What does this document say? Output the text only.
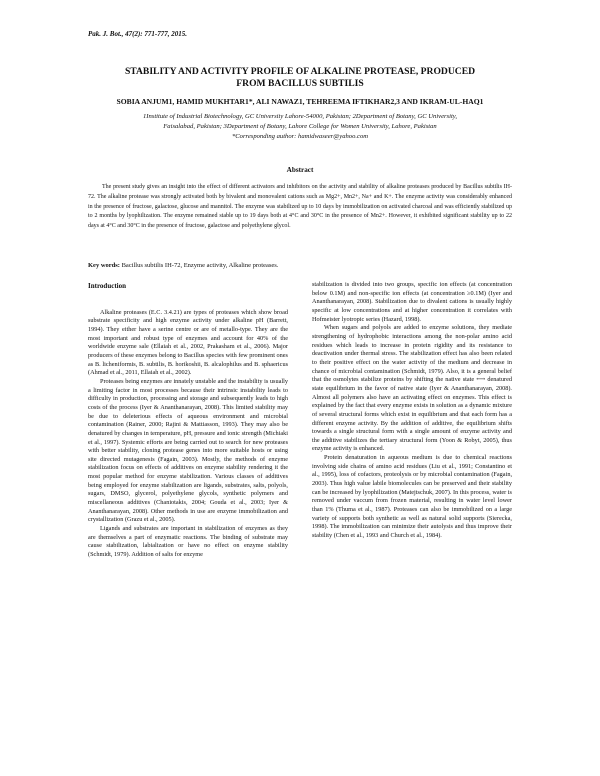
Pak. J. Bot., 47(2): 771-777, 2015.
STABILITY AND ACTIVITY PROFILE OF ALKALINE PROTEASE, PRODUCED
FROM BACILLUS SUBTILIS
SOBIA ANJUM1, HAMID MUKHTAR1*, ALI NAWAZ1, TEHREEMA IFTIKHAR2,3 AND IKRAM-UL-HAQ1
1Institute of Industrial Biotechnology, GC University Lahore-54000, Pakistan; 2Department of Botany, GC University,
Faisalabad, Pakistan; 3Department of Botany, Lahore College for Women University, Lahore, Pakistan
*Corresponding author: hamidwaseer@yahoo.com
Abstract

The present study gives an insight into the effect of different activators and inhibitors on the activity and stability of alkaline proteases produced by Bacillus subtilis IH-72. The alkaline protease was strongly activated both by bivalent and monovalent cations such as Mg2+, Mn2+, Na+ and K+. The enzyme activity was considerably enhanced in the presence of fructose, galactose, glucose and mannitol. The enzyme was stabilized up to 10 days by immobilization on activated charcoal and was efficiently stabilized up to 2 months by lyophilization. The enzyme remained stable up to 19 days both at 4°C and 30°C in the presence of Mn2+. However, it exhibited significant stability up to 22 days at 4°C and 30°C in the presence of fructose, galactose and polyethylene glycol.

Key words: Bacillus subtilis IH-72, Enzyme activity, Alkaline proteases.
Introduction

Alkaline proteases (E.C. 3.4.21) are types of proteases which show broad substrate specificity and high enzyme activity under alkaline pH (Barrett, 1994). They either have a serine centre or are of metallo-type. They are the most important and robust type of enzymes and account for 40% of the worldwide enzyme sale (Ellaiah et al., 2002, Prakasham et al., 2006). Major producers of these enzymes belong to Bacillus species with few prominent ones as B. licheniformis, B. subtilis, B. horikoshii, B. alcalophilus and B. sphaericus (Ahmad et al., 2011, Ellaiah et al., 2002).

Proteases being enzymes are innately unstable and the instability is usually a limiting factor in most processes because their intrinsic instability leads to difficulty in production, processing and storage and subsequently leads to high costs of the process (Iyer & Ananthanarayan, 2008). This limited stability may be due to deleterious effects of aqueous environment and microbial contamination (Rainer, 2000; Rajini & Mattiasson, 1993). They may also be denatured by changes in temperature, pH, pressure and ionic strength (Michiaki et al., 1997). Systemic efforts are being carried out to search for new proteases with better stability, cloning protease genes into more suitable hosts or using site directed mutagenesis (Fagain, 2003). Mostly, the methods of enzyme stabilization focus on effects of additives on enzyme stability rendering it the most popular method for enzyme stabilization. Various classes of additives being employed for enzyme stabilization are ligands, substrates, salts, polyols, sugars, DMSO, glycerol, polyethylene glycols, synthetic polymers and miscellaneous additives (Chaniotakis, 2004; Gouda et al., 2003; Iyer & Ananthanarayan, 2008). Other methods in use are enzyme immobilization and crystallization (Grazu et al., 2005).

Ligands and substrates are important in stabilization of enzymes as they are themselves a part of enzymatic reactions. The binding of substrate may cause stabilization, labialization or have no effect on enzyme stability (Schmidt, 1979). Addition of salts for enzyme

stabilization is divided into two groups, specific ion effects (at concentration below 0.1M) and non-specific ion effects (at concentration ≥0.1M) (Iyer and Ananthanarayan, 2008). Stabilization due to divalent cations is usually highly specific at low concentrations and at higher concentration it correlates with Hofmeister lyotropic series (Hazard, 1998).

When sugars and polyols are added to enzyme solutions, they mediate strengthening of hydrophobic interactions among the non-polar amino acid residues which leads to increase in protein rigidity and its resistance to deactivation under thermal stress. The stabilization effect has also been related to their positive effect on the water activity of the medium and decrease in chance of microbial contamination (Schmidt, 1979). Also, it is a general belief that the osmolytes stabilize proteins by shifting the native state ⟷ denatured state equilibrium in the favor of native state (Iyer & Ananthanarayan, 2008). Almost all polymers also have an activating effect on enzymes. This effect is explained by the fact that every enzyme exists in solution as a dynamic mixture of several structural forms which exist in equilibrium and that each form has a different enzyme activity. By the addition of additive, the equilibrium shifts towards a single structural form with a single amount of enzyme activity and the additive stabilizes the tertiary structural form (Yoon & Robyt, 2005), thus enzyme activity is enhanced.

Protein denaturation in aqueous medium is due to chemical reactions involving side chains of amino acid residues (Liu et al., 1991; Constantino et al., 1995), loss of cofactors, proteolysis or by microbial contamination (Fagain, 2003). Thus high value labile biomolecules can be preserved and their stability can be increased by lyophilization (Matejtschuk, 2007). In this process, water is removed under vaccum from frozen material, resulting in water level lower than 1% (Thuma et al., 1987). Proteases can also be immobilized on a large variety of supports both synthetic as well as natural solid supports (Sierecka, 1998). The immobilization can minimize their autolysis and thus improve their stability (Chen et al., 1993 and Church et al., 1984).
